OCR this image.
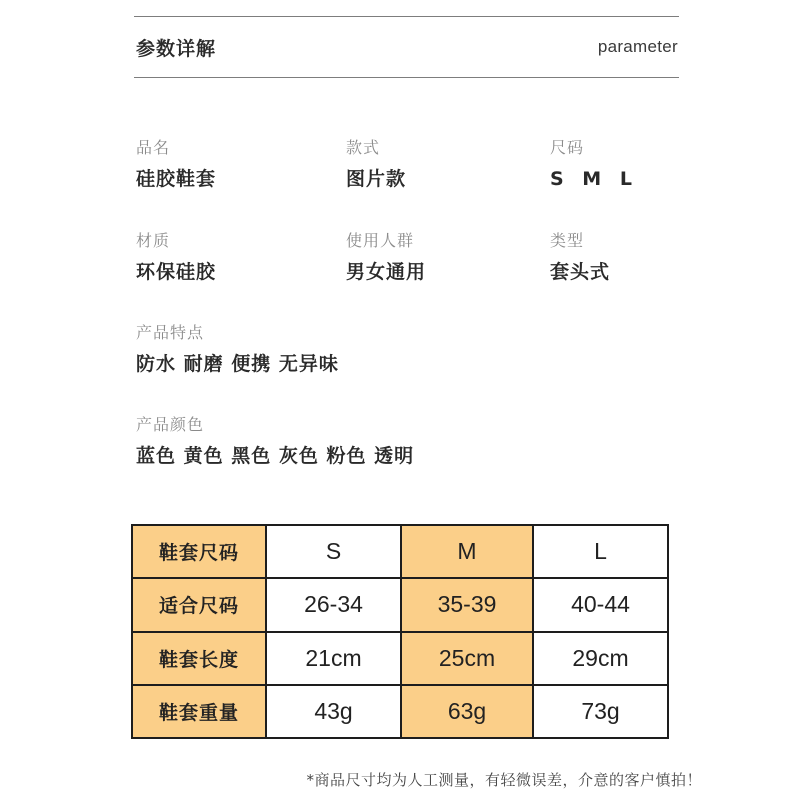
参数详解	parameter
品名
硅胶鞋套
款式
图片款
尺码
S M L
材质
环保硅胶
使用人群
男女通用
类型
套头式
产品特点
防水 耐磨 便携 无异味
产品颜色
蓝色 黄色 黑色 灰色 粉色 透明
鞋套尺码	S	M	L
适合尺码	26-34	35-39	40-44
鞋套长度	21cm	25cm	29cm
鞋套重量	43g	63g	73g
*商品尺寸均为人工测量，有轻微误差，介意的客户慎拍！
